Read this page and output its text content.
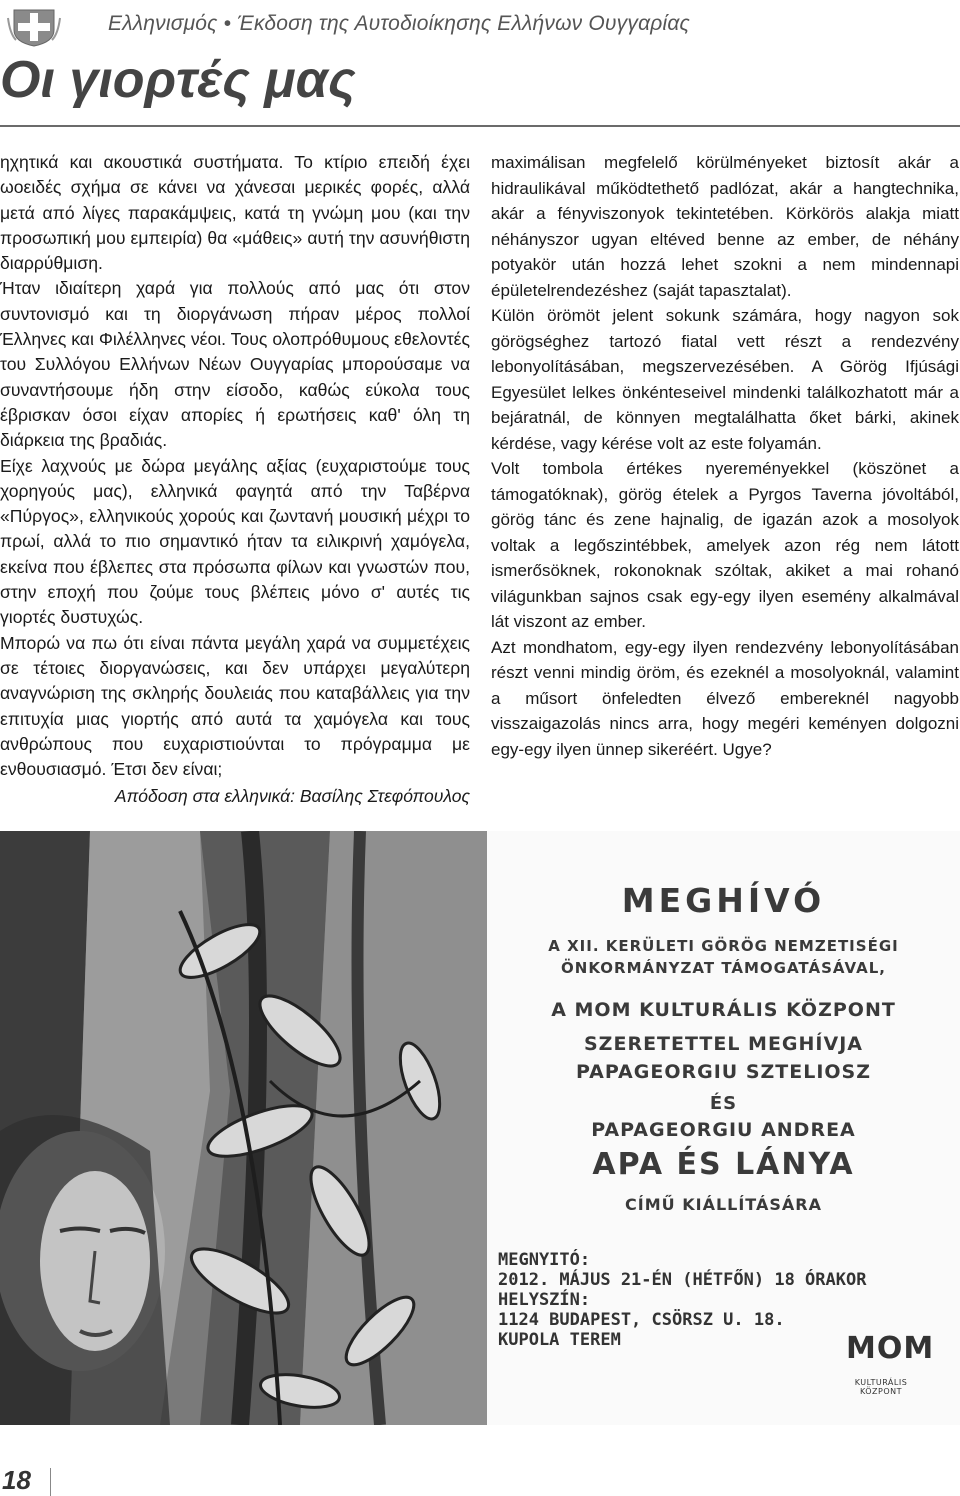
Ελληνισμός • Έκδοση της Αυτοδιοίκησης Ελλήνων Ουγγαρίας
Οι γιορτές μας

ηχητικά και ακουστικά συστήματα. Το κτίριο επειδή έχει ωοειδές σχήμα σε κάνει να χάνεσαι μερικές φορές, αλλά μετά από λίγες παρακάμψεις, κατά τη γνώμη μου (και την προσωπική μου εμπειρία) θα «μάθεις» αυτή την ασυνήθιστη διαρρύθμιση.

Ήταν ιδιαίτερη χαρά για πολλούς από μας ότι στον συντονισμό και τη διοργάνωση πήραν μέρος πολλοί Έλληνες και Φιλέλληνες νέοι. Τους ολοπρόθυμους εθελοντές του Συλλόγου Ελλήνων Νέων Ουγγαρίας μπορούσαμε να συναντήσουμε ήδη στην είσοδο, καθώς εύκολα τους έβρισκαν όσοι είχαν απορίες ή ερωτήσεις καθ' όλη τη διάρκεια της βραδιάς.

Είχε λαχνούς με δώρα μεγάλης αξίας (ευχαριστούμε τους χορηγούς μας), ελληνικά φαγητά από την Ταβέρνα «Πύργος», ελληνικούς χορούς και ζωντανή μουσική μέχρι το πρωί, αλλά το πιο σημαντικό ήταν τα ειλικρινή χαμόγελα, εκείνα που έβλεπες στα πρόσωπα φίλων και γνωστών που, στην εποχή που ζούμε τους βλέπεις μόνο σ' αυτές τις γιορτές δυστυχώς.

Μπορώ να πω ότι είναι πάντα μεγάλη χαρά να συμμετέχεις σε τέτοιες διοργανώσεις, και δεν υπάρχει μεγαλύτερη αναγνώριση της σκληρής δουλειάς που καταβάλλεις για την επιτυχία μιας γιορτής από αυτά τα χαμόγελα και τους ανθρώπους που ευχαριστιούνται το πρόγραμμα με ενθουσιασμό. Έτσι δεν είναι;

Απόδοση στα ελληνικά: Βασίλης Στεφόπουλος

maximálisan megfelelő körülményeket biztosít akár a hidraulikával működtethető padlózat, akár a hangtechnika, akár a fényviszonyok tekintetében. Körkörös alakja miatt néhányszor ugyan eltéved benne az ember, de néhány potyakör után hozzá lehet szokni a nem mindennapi épületelrendezéshez (saját tapasztalat).

Külön örömöt jelent sokunk számára, hogy nagyon sok görögséghez tartozó fiatal vett részt a rendezvény lebonyolításában, megszervezésében. A Görög Ifjúsági Egyesület lelkes önkénteseivel mindenki találkozhatott már a bejáratnál, de könnyen megtalálhatta őket bárki, akinek kérdése, vagy kérése volt az este folyamán.

Volt tombola értékes nyereményekkel (köszönet a támogatóknak), görög ételek a Pyrgos Taverna jóvoltából, görög tánc és zene hajnalig, de igazán azok a mosolyok voltak a legőszintébbek, amelyek azon rég nem látott ismerősöknek, rokonoknak szóltak, akiket a mai rohanó világunkban sajnos csak egy-egy ilyen esemény alkalmával lát viszont az ember.

Azt mondhatom, egy-egy ilyen rendezvény lebonyolításában részt venni mindig öröm, és ezeknél a mosolyoknál, valamint a műsort önfeledten élvező embereknél nagyobb visszaigazolás nincs arra, hogy megéri keményen dolgozni egy-egy ilyen ünnep sikeréért. Ugye?

MEGHÍVÓ
A XII. KERÜLETI GÖRÖG NEMZETISÉGI
ÖNKORMÁNYZAT TÁMOGATÁSÁVAL,
A MOM KULTURÁLIS KÖZPONT
SZERETETTEL MEGHÍVJA
PAPAGEORGIU SZTELIOSZ
ÉS
PAPAGEORGIU ANDREA
APA ÉS LÁNYA
CÍMŰ KIÁLLÍTÁSÁRA
MEGNYITÓ:
2012. MÁJUS 21-ÉN (HÉTFŐN) 18 ÓRAKOR
HELYSZÍN:
1124 BUDAPEST, CSÖRSZ U. 18.
KUPOLA TEREM	MOM
KULTURÁLIS
KÖZPONT
18
